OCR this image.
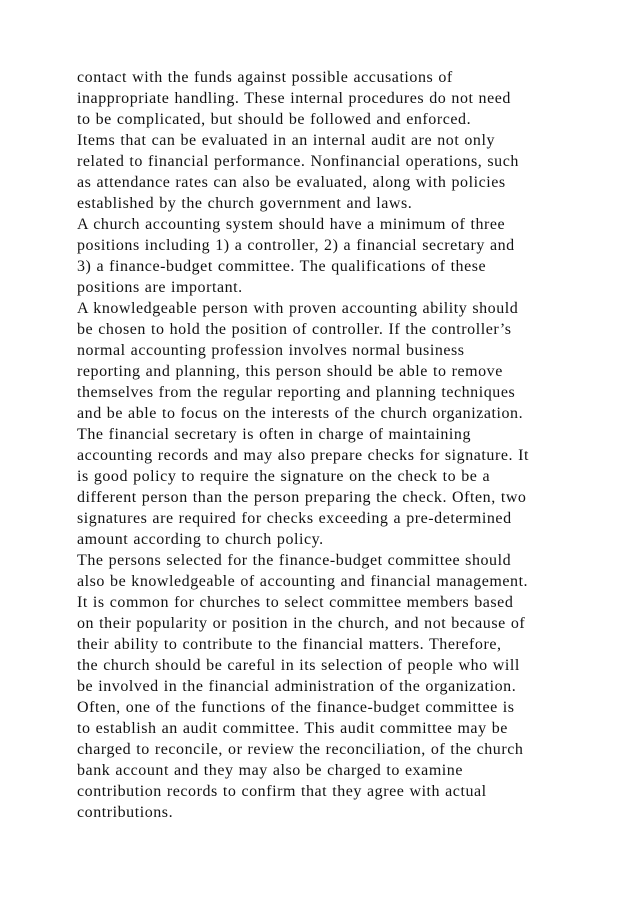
contact with the funds against possible accusations of
inappropriate handling. These internal procedures do not need
to be complicated, but should be followed and enforced.
Items that can be evaluated in an internal audit are not only
related to financial performance. Nonfinancial operations, such
as attendance rates can also be evaluated, along with policies
established by the church government and laws.
A church accounting system should have a minimum of three
positions including 1) a controller, 2) a financial secretary and
3) a finance-budget committee. The qualifications of these
positions are important.
A knowledgeable person with proven accounting ability should
be chosen to hold the position of controller. If the controller’s
normal accounting profession involves normal business
reporting and planning, this person should be able to remove
themselves from the regular reporting and planning techniques
and be able to focus on the interests of the church organization.
The financial secretary is often in charge of maintaining
accounting records and may also prepare checks for signature. It
is good policy to require the signature on the check to be a
different person than the person preparing the check. Often, two
signatures are required for checks exceeding a pre-determined
amount according to church policy.
The persons selected for the finance-budget committee should
also be knowledgeable of accounting and financial management.
It is common for churches to select committee members based
on their popularity or position in the church, and not because of
their ability to contribute to the financial matters. Therefore,
the church should be careful in its selection of people who will
be involved in the financial administration of the organization.
Often, one of the functions of the finance-budget committee is
to establish an audit committee. This audit committee may be
charged to reconcile, or review the reconciliation, of the church
bank account and they may also be charged to examine
contribution records to confirm that they agree with actual
contributions.
